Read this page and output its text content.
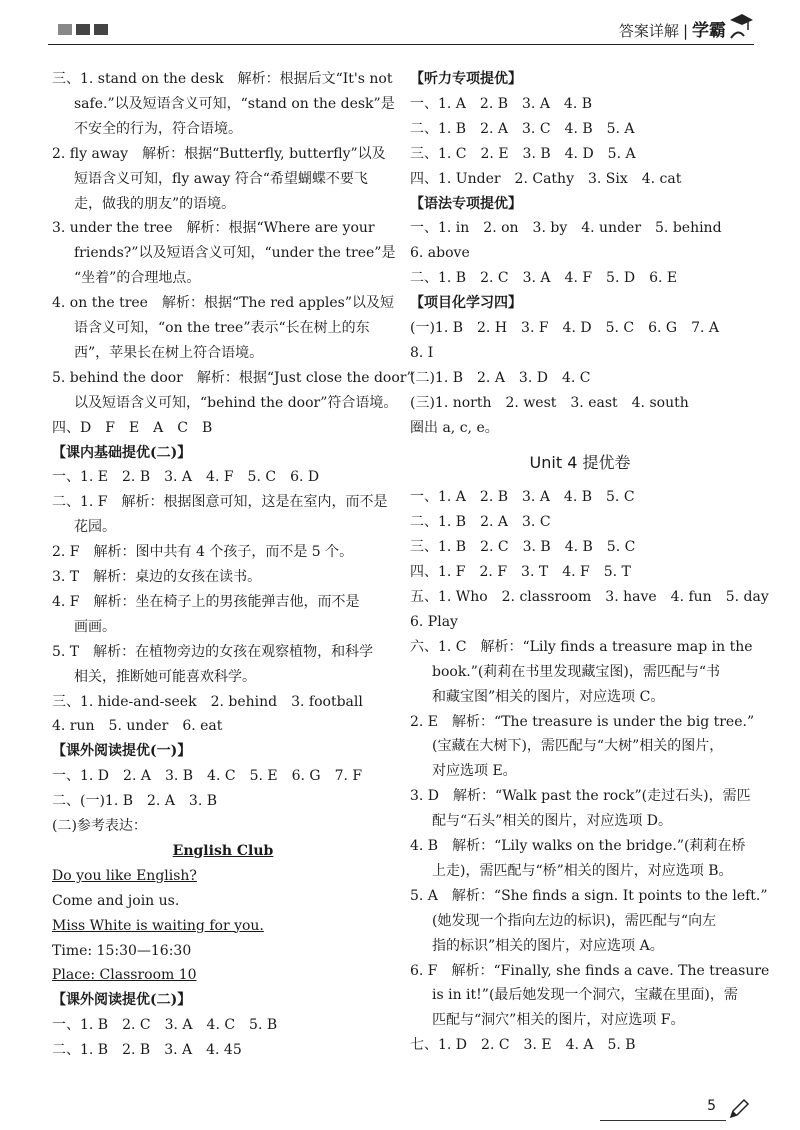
答案详解 | 学霸
三、1. stand on the desk　解析：根据后文“It's not
safe.”以及短语含义可知，“stand on the desk”是
不安全的行为，符合语境。
2. fly away　解析：根据“Butterfly, butterfly”以及
短语含义可知，fly away 符合“希望蝴蝶不要飞
走，做我的朋友”的语境。
3. under the tree　解析：根据“Where are your
friends?”以及短语含义可知，“under the tree”是
“坐着”的合理地点。
4. on the tree　解析：根据“The red apples”以及短
语含义可知，“on the tree”表示“长在树上的东
西”，苹果长在树上符合语境。
5. behind the door　解析：根据“Just close the door”
以及短语含义可知，“behind the door”符合语境。
四、D　F　E　A　C　B
【课内基础提优(二)】
一、1. E　2. B　3. A　4. F　5. C　6. D
二、1. F　解析：根据图意可知，这是在室内，而不是
花园。
2. F　解析：图中共有 4 个孩子，而不是 5 个。
3. T　解析：桌边的女孩在读书。
4. F　解析：坐在椅子上的男孩能弹吉他，而不是
画画。
5. T　解析：在植物旁边的女孩在观察植物，和科学
相关，推断她可能喜欢科学。
三、1. hide-and-seek　2. behind　3. football
4. run　5. under　6. eat
【课外阅读提优(一)】
一、1. D　2. A　3. B　4. C　5. E　6. G　7. F
二、(一)1. B　2. A　3. B
(二)参考表达：
English Club
Do you like English?
Come and join us.
Miss White is waiting for you.
Time: 15:30—16:30
Place: Classroom 10
【课外阅读提优(二)】
一、1. B　2. C　3. A　4. C　5. B
二、1. B　2. B　3. A　4. 45
【听力专项提优】
一、1. A　2. B　3. A　4. B
二、1. B　2. A　3. C　4. B　5. A
三、1. C　2. E　3. B　4. D　5. A
四、1. Under　2. Cathy　3. Six　4. cat
【语法专项提优】
一、1. in　2. on　3. by　4. under　5. behind
6. above
二、1. B　2. C　3. A　4. F　5. D　6. E
【项目化学习四】
(一)1. B　2. H　3. F　4. D　5. C　6. G　7. A
8. I
(二)1. B　2. A　3. D　4. C
(三)1. north　2. west　3. east　4. south
圈出 a, c, e。
Unit 4 提优卷
一、1. A　2. B　3. A　4. B　5. C
二、1. B　2. A　3. C
三、1. B　2. C　3. B　4. B　5. C
四、1. F　2. F　3. T　4. F　5. T
五、1. Who　2. classroom　3. have　4. fun　5. day
6. Play
六、1. C　解析：“Lily finds a treasure map in the
book.”(莉莉在书里发现藏宝图)，需匹配与“书
和藏宝图”相关的图片，对应选项 C。
2. E　解析：“The treasure is under the big tree.”
(宝藏在大树下)，需匹配与“大树”相关的图片，
对应选项 E。
3. D　解析：“Walk past the rock”(走过石头)，需匹
配与“石头”相关的图片，对应选项 D。
4. B　解析：“Lily walks on the bridge.”(莉莉在桥
上走)，需匹配与“桥”相关的图片，对应选项 B。
5. A　解析：“She finds a sign. It points to the left.”
(她发现一个指向左边的标识)，需匹配与“向左
指的标识”相关的图片，对应选项 A。
6. F　解析：“Finally, she finds a cave. The treasure
is in it!”(最后她发现一个洞穴，宝藏在里面)，需
匹配与“洞穴”相关的图片，对应选项 F。
七、1. D　2. C　3. E　4. A　5. B
5
